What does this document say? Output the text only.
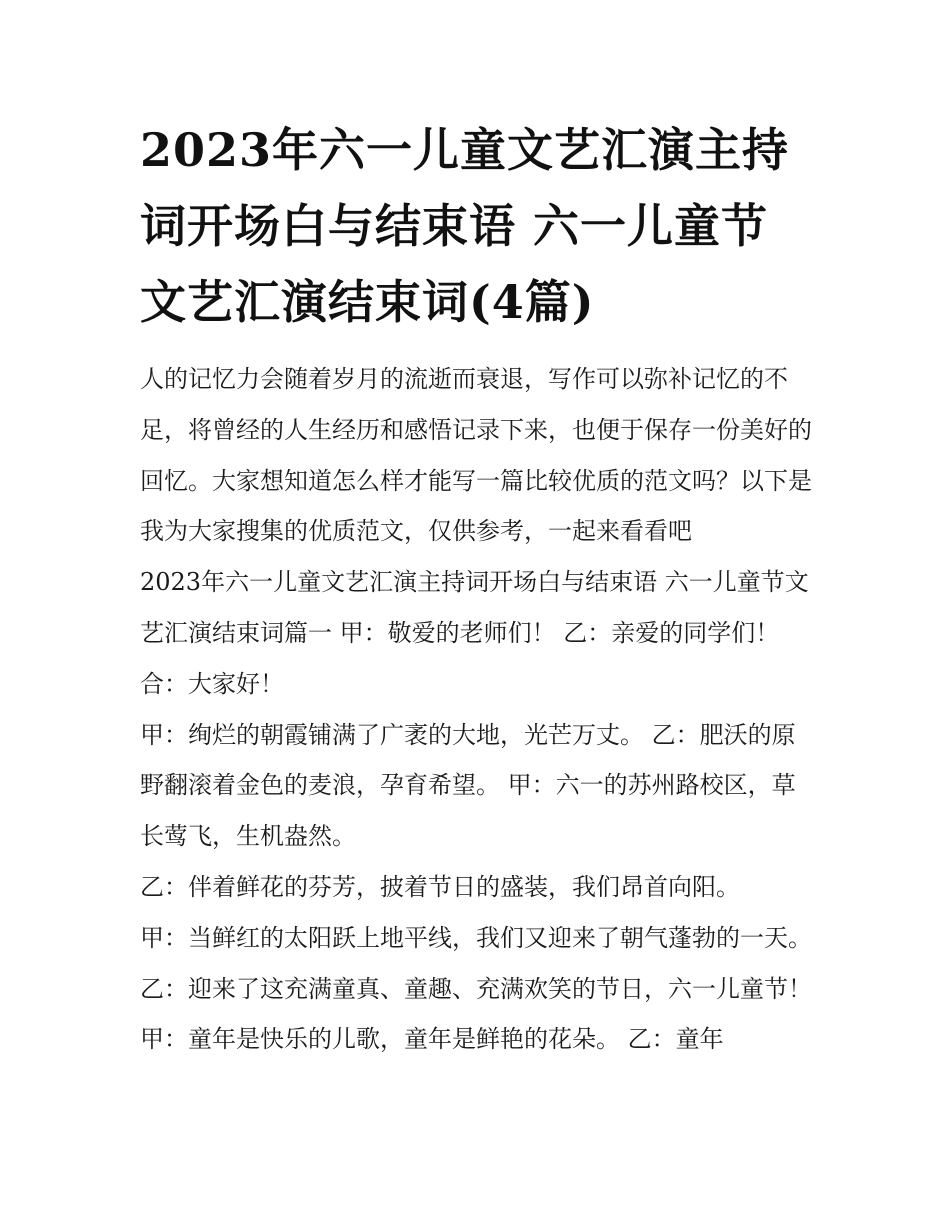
2023年六一儿童文艺汇演主持词开场白与结束语 六一儿童节文艺汇演结束词(4篇)

人的记忆力会随着岁月的流逝而衰退，写作可以弥补记忆的不足，将曾经的人生经历和感悟记录下来，也便于保存一份美好的回忆。大家想知道怎么样才能写一篇比较优质的范文吗？以下是我为大家搜集的优质范文，仅供参考，一起来看看吧

2023年六一儿童文艺汇演主持词开场白与结束语 六一儿童节文艺汇演结束词篇一 甲：敬爱的老师们！ 乙：亲爱的同学们！ 合：大家好！

甲：绚烂的朝霞铺满了广袤的大地，光芒万丈。 乙：肥沃的原野翻滚着金色的麦浪，孕育希望。 甲：六一的苏州路校区，草长莺飞，生机盎然。

乙：伴着鲜花的芬芳，披着节日的盛装，我们昂首向阳。

甲：当鲜红的太阳跃上地平线，我们又迎来了朝气蓬勃的一天。

乙：迎来了这充满童真、童趣、充满欢笑的节日，六一儿童节！ 甲：童年是快乐的儿歌，童年是鲜艳的花朵。 乙：童年
